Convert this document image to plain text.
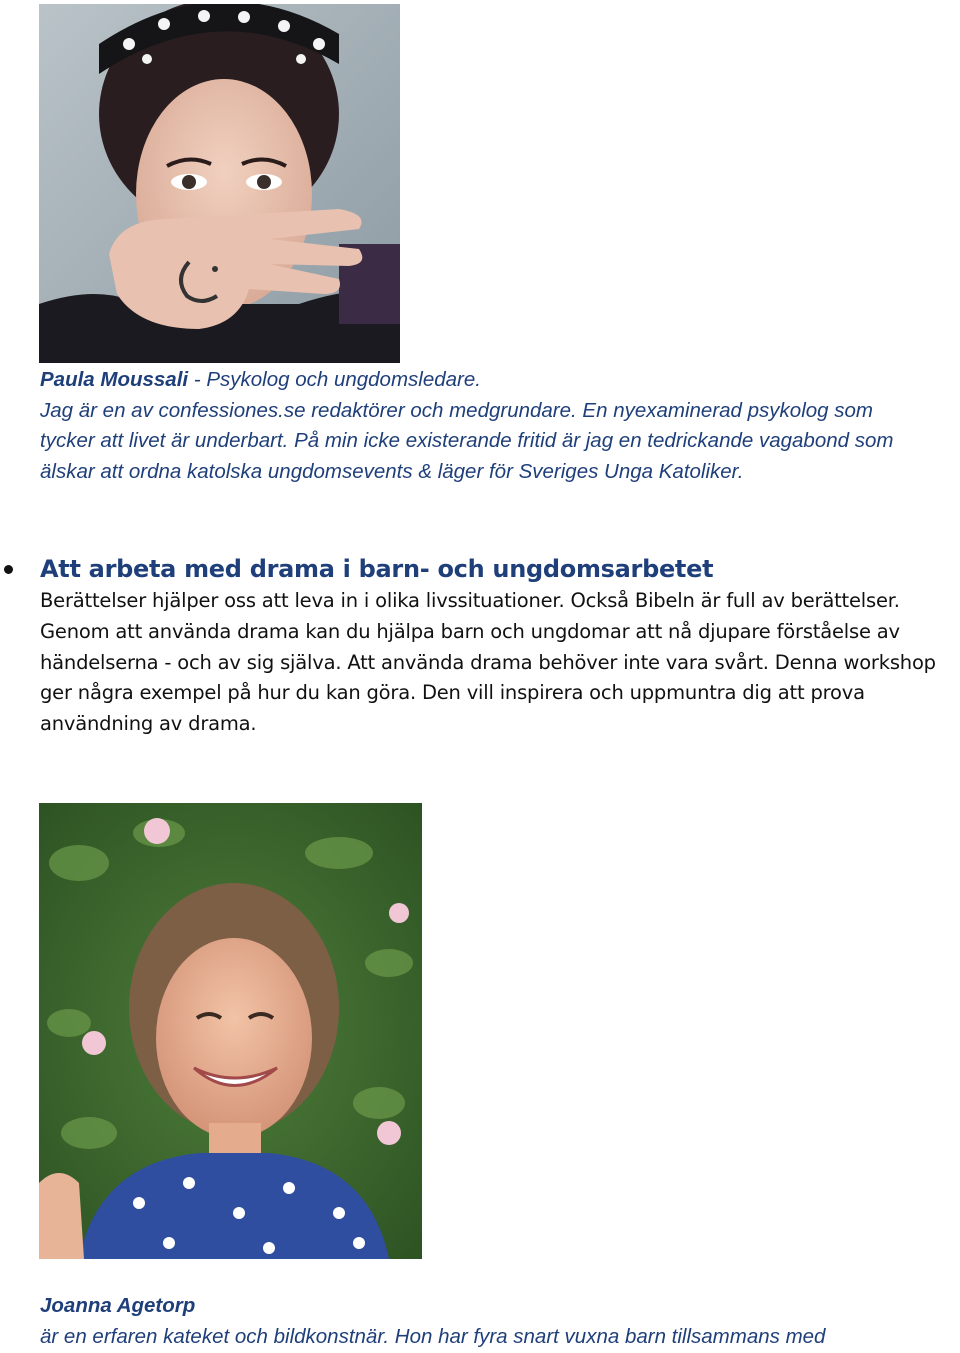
Paula Moussali - Psykolog och ungdomsledare.

Jag är en av confessiones.se redaktörer och medgrundare. En nyexaminerad psykolog som tycker att livet är underbart. På min icke existerande fritid är jag en tedrickande vagabond som älskar att ordna katolska ungdomsevents & läger för Sveriges Unga Katoliker.

Att arbeta med drama i barn- och ungdomsarbetet

Berättelser hjälper oss att leva in i olika livssituationer. Också Bibeln är full av berättelser. Genom att använda drama kan du hjälpa barn och ungdomar att nå djupare förståelse av händelserna - och av sig själva. Att använda drama behöver inte vara svårt. Denna workshop ger några exempel på hur du kan göra. Den vill inspirera och uppmuntra dig att prova användning av drama.

Joanna Agetorp

är en erfaren kateket och bildkonstnär. Hon har fyra snart vuxna barn tillsammans med
